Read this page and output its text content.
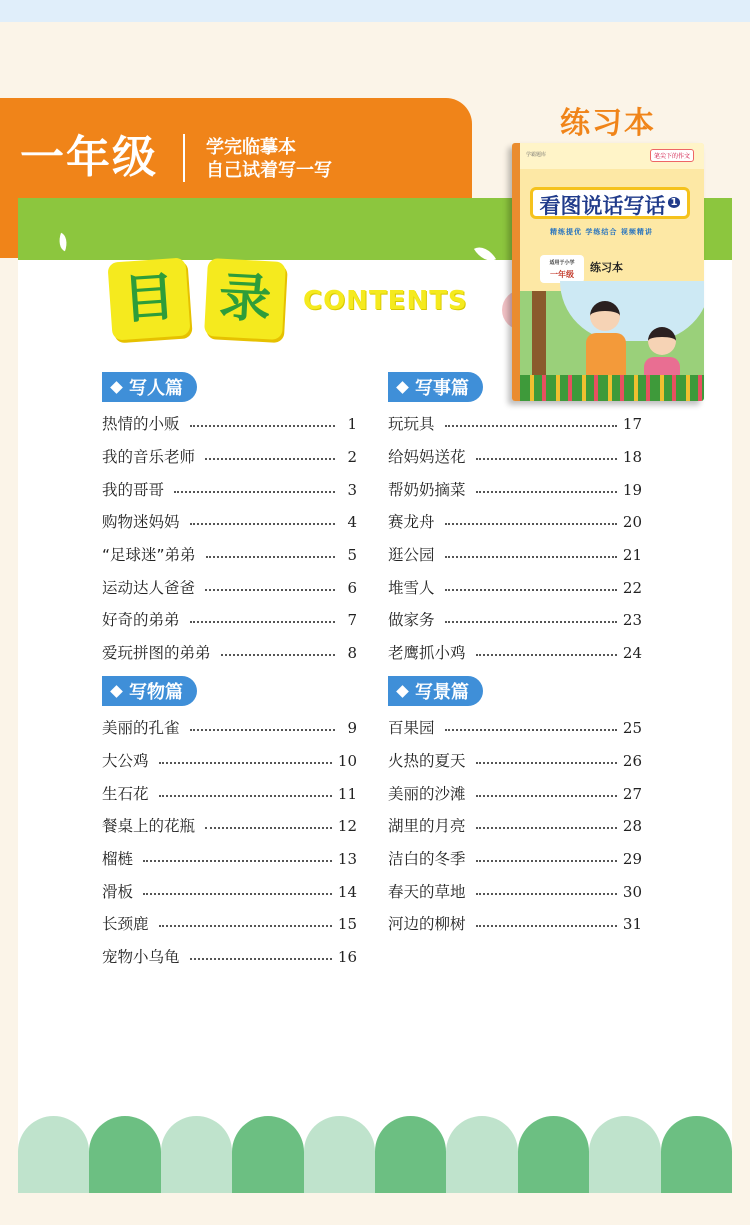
一年级	学完临摹本
自己试着写一写
练习本
目 录	CONTENTS
写人篇
热情的小贩	1
我的音乐老师	2
我的哥哥	3
购物迷妈妈	4
“足球迷”弟弟	5
运动达人爸爸	6
好奇的弟弟	7
爱玩拼图的弟弟	8
写事篇
玩玩具	17
给妈妈送花	18
帮奶奶摘菜	19
赛龙舟	20
逛公园	21
堆雪人	22
做家务	23
老鹰抓小鸡	24
写物篇
美丽的孔雀	9
大公鸡	10
生石花	11
餐桌上的花瓶	12
榴梿	13
滑板	14
长颈鹿	15
宠物小乌龟	16
写景篇
百果园	25
火热的夏天	26
美丽的沙滩	27
湖里的月亮	28
洁白的冬季	29
春天的草地	30
河边的柳树	31
学霸题库	笔尖下的作文
看图说话写话 $^1$
精练提优 学练结合 视频精讲
适用于小学
一年级
练习本
